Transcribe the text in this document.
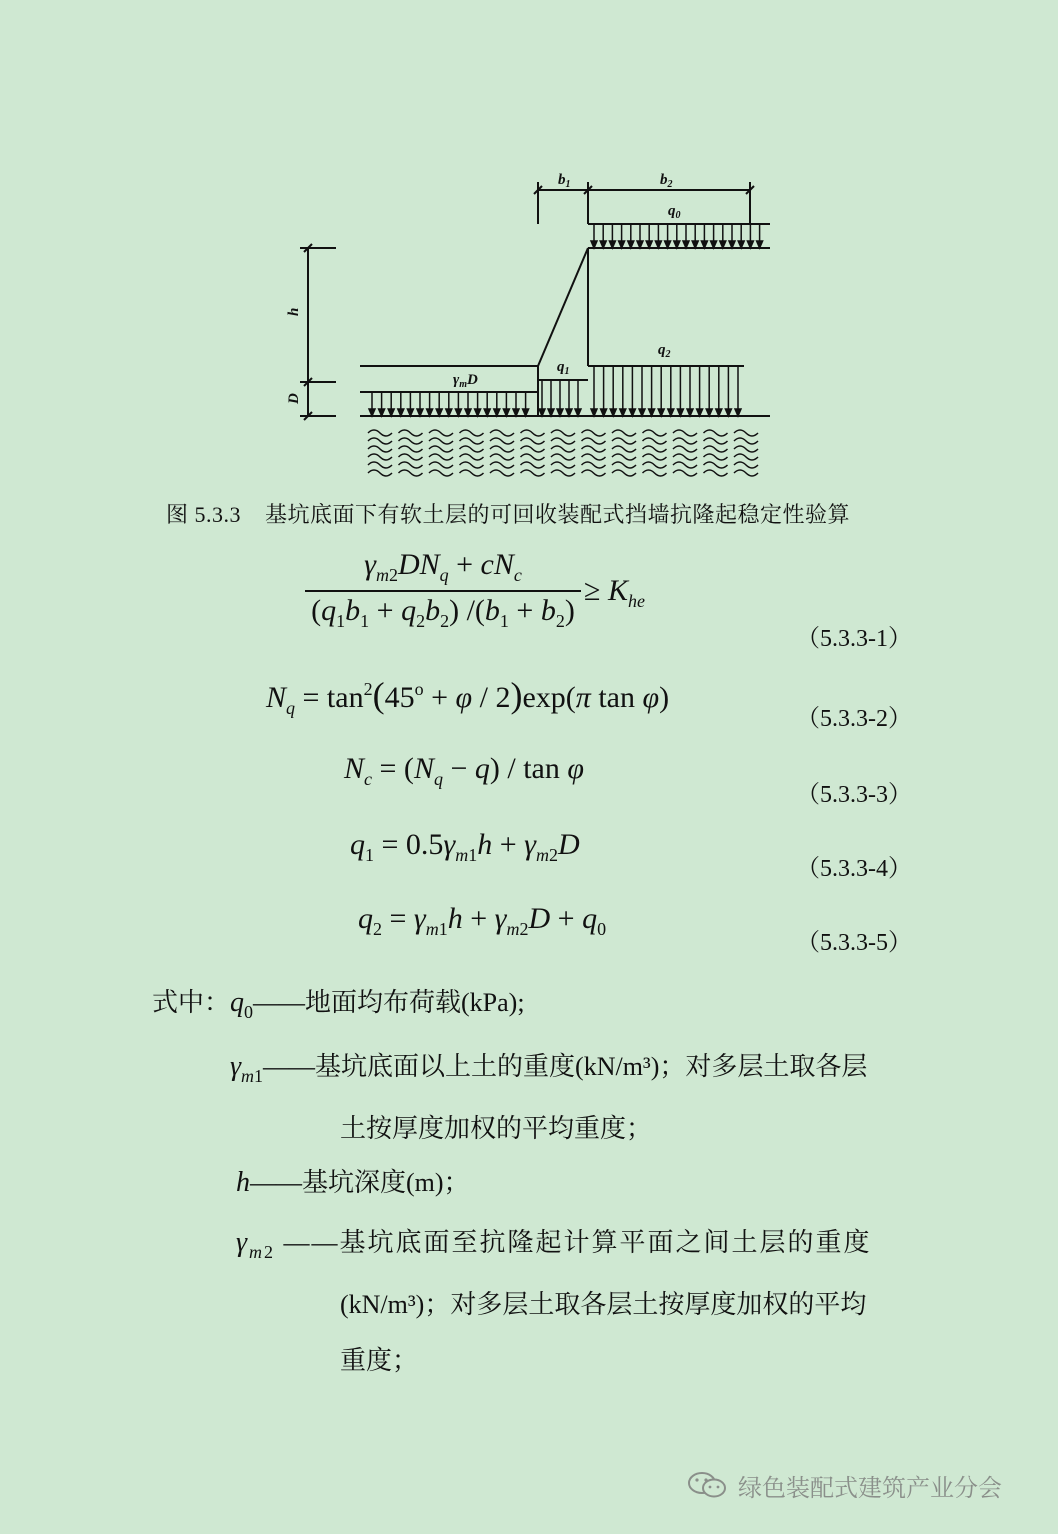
$b_1$	$b_2$
$q_0$
$q_1$
$q_2$
$\gamma_mD$
h
D
图 5.3.3 基坑底面下有软土层的可回收装配式挡墙抗隆起稳定性验算
$\gamma_{m2}DN_q + cN_c$
$(q_1b_1 + q_2b_2) /(b_1 + b_2)$
≥ $K_{he}$
（5.3.3-1）
$N_q = \tan^2(45^o + \varphi / 2)\exp(\pi$ tan φ)
（5.3.3-2）
$N_c = (N_q - q) / \tan \varphi$
（5.3.3-3）
$q_1 = 0.5\gamma_{m1}h + \gamma_{m2}D$
（5.3.3-4）
$q_2 = \gamma_{m1}h + \gamma_{m2}D + q_0$
（5.3.3-5）
式中：$q_0——$地面均布荷载(kPa);
$\gamma_{m1}——$基坑底面以上土的重度(kN/m³)；对多层土取各层
土按厚度加权的平均重度；
h——基坑深度(m)；
$\gamma_{m2}$ ——基坑底面至抗隆起计算平面之间土层的重度
(kN/m³)；对多层土取各层土按厚度加权的平均
重度；
绿色装配式建筑产业分会
